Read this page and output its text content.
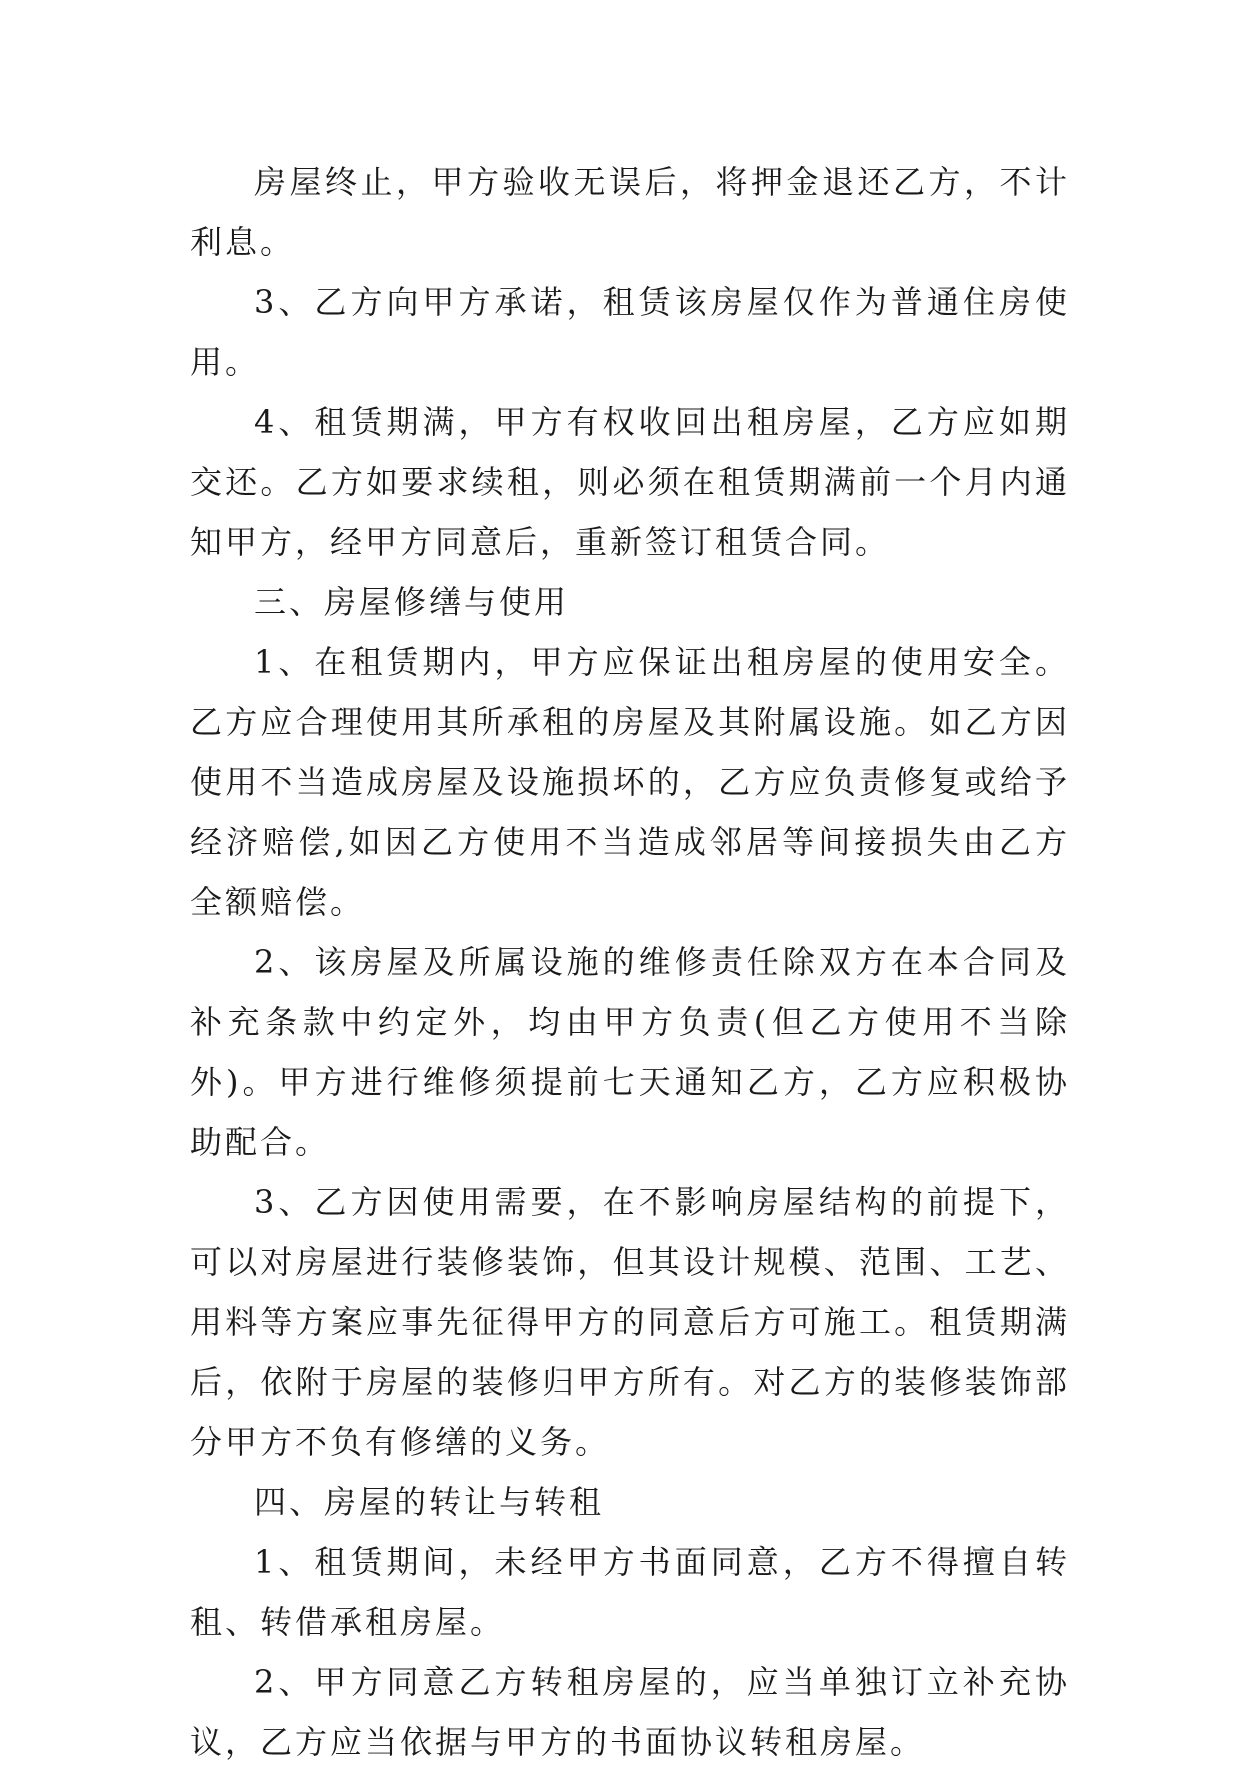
房屋终止，甲方验收无误后，将押金退还乙方，不计利息。

3、乙方向甲方承诺，租赁该房屋仅作为普通住房使用。

4、租赁期满，甲方有权收回出租房屋，乙方应如期交还。乙方如要求续租，则必须在租赁期满前一个月内通知甲方，经甲方同意后，重新签订租赁合同。

三、房屋修缮与使用

1、在租赁期内，甲方应保证出租房屋的使用安全。乙方应合理使用其所承租的房屋及其附属设施。如乙方因使用不当造成房屋及设施损坏的，乙方应负责修复或给予经济赔偿,如因乙方使用不当造成邻居等间接损失由乙方全额赔偿。

2、该房屋及所属设施的维修责任除双方在本合同及补充条款中约定外，均由甲方负责(但乙方使用不当除外)。甲方进行维修须提前七天通知乙方，乙方应积极协助配合。

3、乙方因使用需要，在不影响房屋结构的前提下，可以对房屋进行装修装饰，但其设计规模、范围、工艺、用料等方案应事先征得甲方的同意后方可施工。租赁期满后，依附于房屋的装修归甲方所有。对乙方的装修装饰部分甲方不负有修缮的义务。

四、房屋的转让与转租

1、租赁期间，未经甲方书面同意，乙方不得擅自转租、转借承租房屋。

2、甲方同意乙方转租房屋的，应当单独订立补充协议，乙方应当依据与甲方的书面协议转租房屋。
